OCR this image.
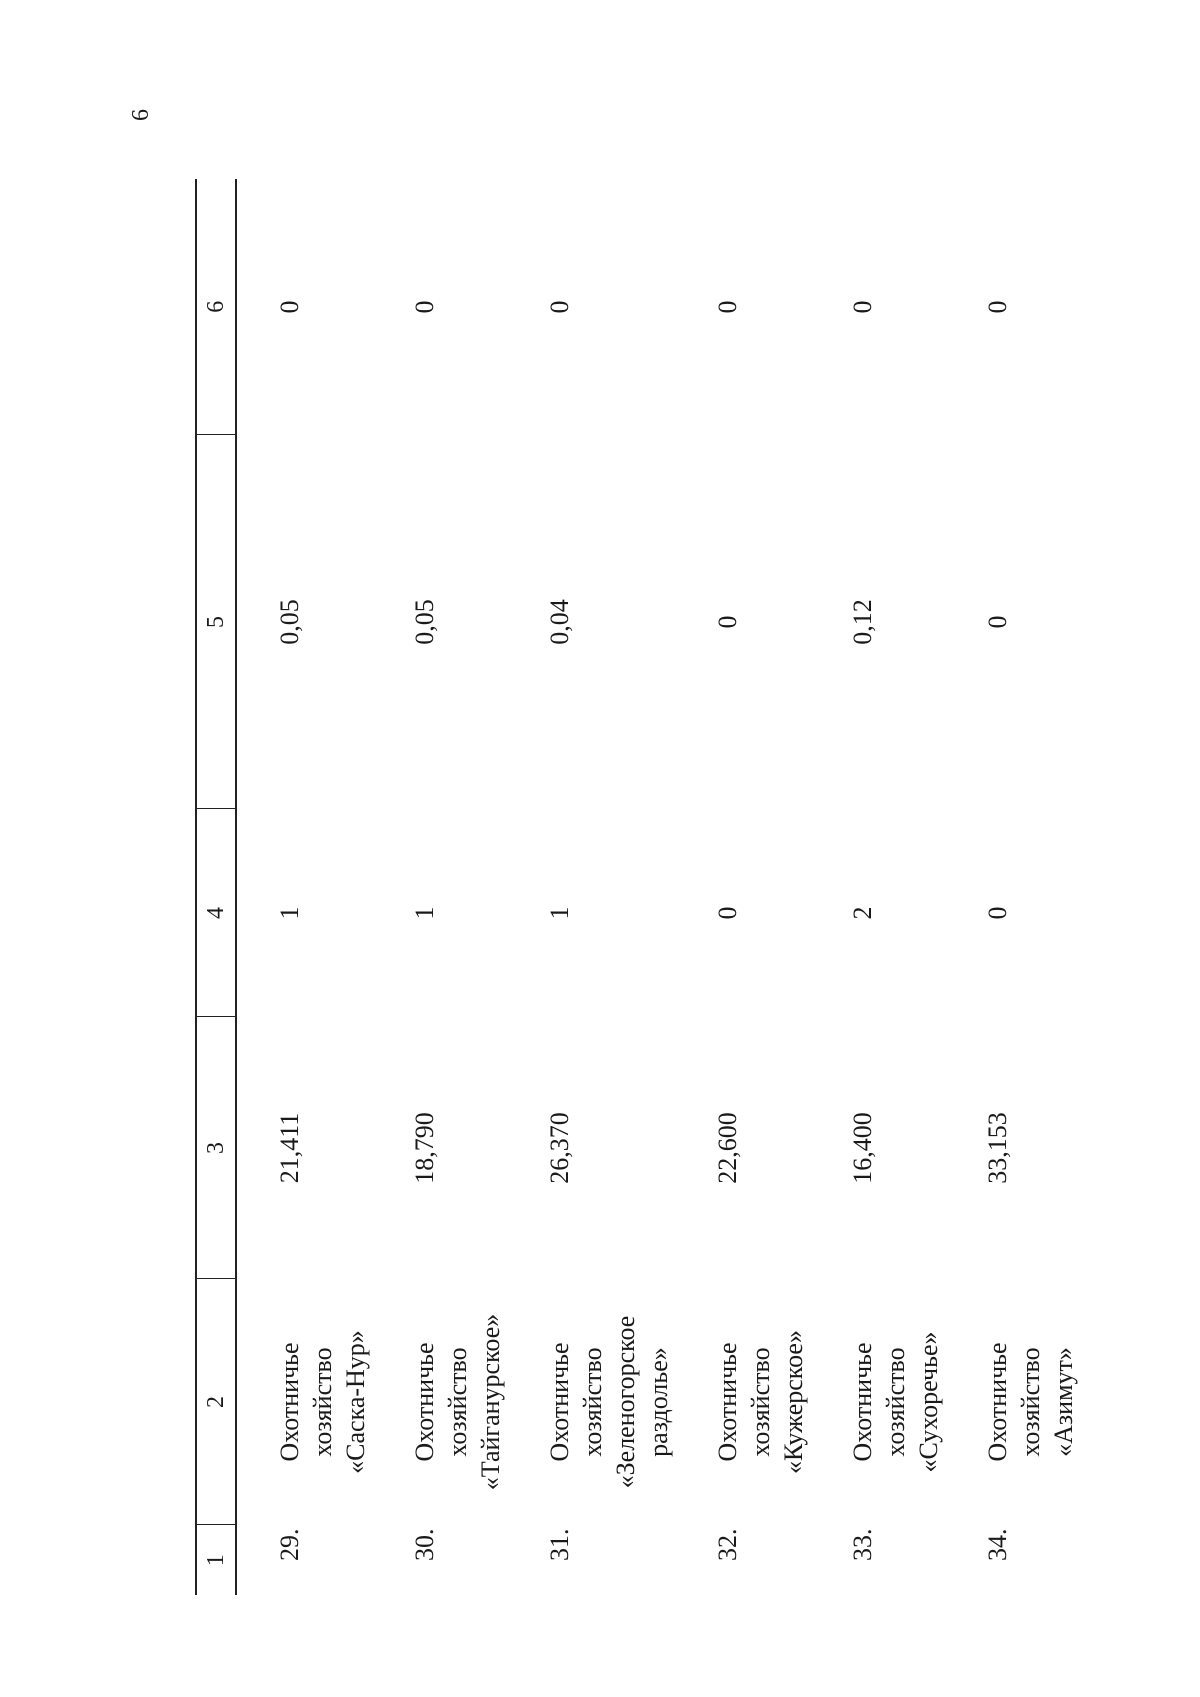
6
1	2	3	4	5	6
29.	Охотничье хозяйство «Саска-Нур»	21,411	1	0,05	0
30.	Охотничье хозяйство «Тайганурское»	18,790	1	0,05	0
31.	Охотничье хозяйство «Зеленогорское раздолье»	26,370	1	0,04	0
32.	Охотничье хозяйство «Кужерское»	22,600	0	0	0
33.	Охотничье хозяйство «Сухоречье»	16,400	2	0,12	0
34.	Охотничье хозяйство «Азимут»	33,153	0	0	0
